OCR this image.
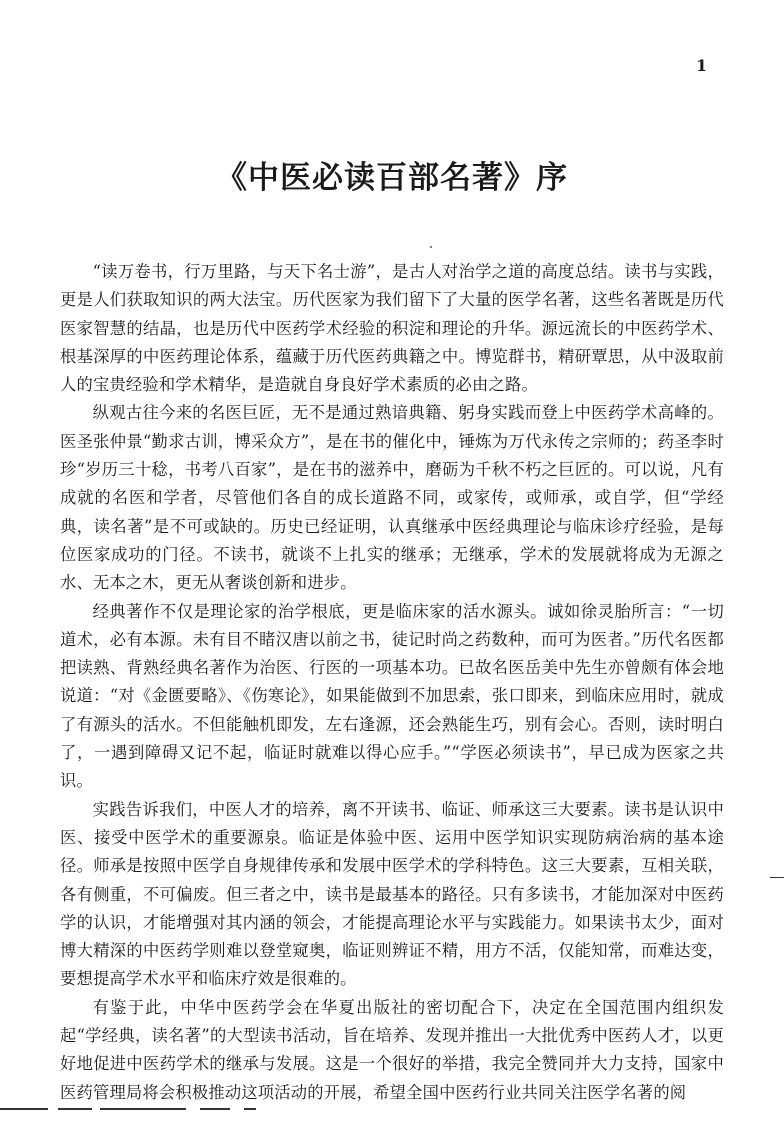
1
《中医必读百部名著》序

“读万卷书，行万里路，与天下名士游”，是古人对治学之道的高度总结。读书与实践，更是人们获取知识的两大法宝。历代医家为我们留下了大量的医学名著，这些名著既是历代医家智慧的结晶，也是历代中医药学术经验的积淀和理论的升华。源远流长的中医药学术、根基深厚的中医药理论体系，蕴藏于历代医药典籍之中。博览群书，精研覃思，从中汲取前人的宝贵经验和学术精华，是造就自身良好学术素质的必由之路。

纵观古往今来的名医巨匠，无不是通过熟谙典籍、躬身实践而登上中医药学术高峰的。医圣张仲景“勤求古训，博采众方”，是在书的催化中，锤炼为万代永传之宗师的；药圣李时珍“岁历三十稔，书考八百家”，是在书的滋养中，磨砺为千秋不朽之巨匠的。可以说，凡有成就的名医和学者，尽管他们各自的成长道路不同，或家传，或师承，或自学，但“学经典，读名著”是不可或缺的。历史已经证明，认真继承中医经典理论与临床诊疗经验，是每位医家成功的门径。不读书，就谈不上扎实的继承；无继承，学术的发展就将成为无源之水、无本之木，更无从奢谈创新和进步。

经典著作不仅是理论家的治学根底，更是临床家的活水源头。诚如徐灵胎所言：“一切道术，必有本源。未有目不睹汉唐以前之书，徒记时尚之药数种，而可为医者。”历代名医都把读熟、背熟经典名著作为治医、行医的一项基本功。已故名医岳美中先生亦曾颇有体会地说道：“对《金匮要略》、《伤寒论》，如果能做到不加思索，张口即来，到临床应用时，就成了有源头的活水。不但能触机即发，左右逢源，还会熟能生巧，别有会心。否则，读时明白了，一遇到障碍又记不起，临证时就难以得心应手。”“学医必须读书”，早已成为医家之共识。

实践告诉我们，中医人才的培养，离不开读书、临证、师承这三大要素。读书是认识中医、接受中医学术的重要源泉。临证是体验中医、运用中医学知识实现防病治病的基本途径。师承是按照中医学自身规律传承和发展中医学术的学科特色。这三大要素，互相关联，各有侧重，不可偏废。但三者之中，读书是最基本的路径。只有多读书，才能加深对中医药学的认识，才能增强对其内涵的领会，才能提高理论水平与实践能力。如果读书太少，面对博大精深的中医药学则难以登堂窥奥，临证则辨证不精，用方不活，仅能知常，而难达变，要想提高学术水平和临床疗效是很难的。

有鉴于此，中华中医药学会在华夏出版社的密切配合下，决定在全国范围内组织发起“学经典，读名著”的大型读书活动，旨在培养、发现并推出一大批优秀中医药人才，以更好地促进中医药学术的继承与发展。这是一个很好的举措，我完全赞同并大力支持，国家中医药管理局将会积极推动这项活动的开展，希望全国中医药行业共同关注医学名著的阅
